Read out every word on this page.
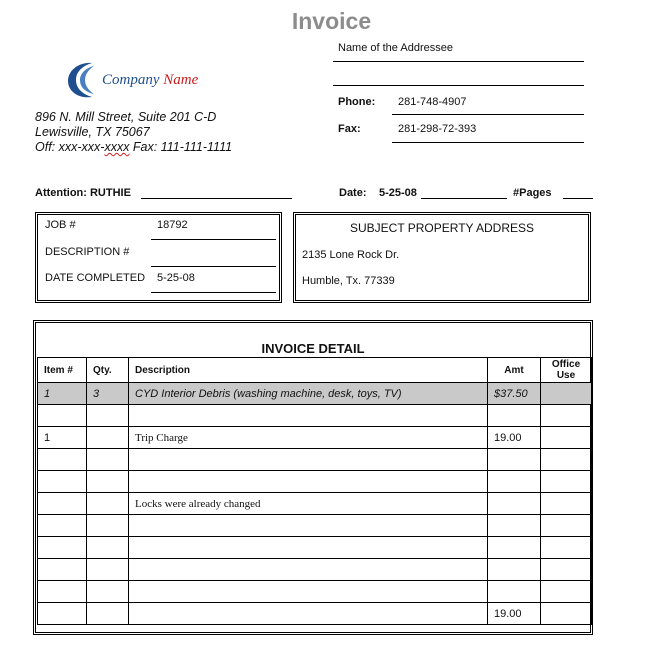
Invoice
Name of the Addressee
Company Name
896 N. Mill Street, Suite 201 C-D
Lewisville, TX 75067
Off: xxx-xxx-xxxx Fax: 111-111-1111
Phone: 281-748-4907
Fax:	281-298-72-393
Attention: RUTHIE	Date: 5-25-08	#Pages
JOB #	18792
DESCRIPTION #
DATE COMPLETED 5-25-08
SUBJECT PROPERTY ADDRESS
2135 Lone Rock Dr.
Humble, Tx. 77339
INVOICE DETAIL
Item #	Qty.	Description	Amt	Office Use
1	3	CYD Interior Debris (washing machine, desk, toys, TV)	$37.50	

1		Trip Charge	19.00	

		Locks were already changed		

			19.00	
